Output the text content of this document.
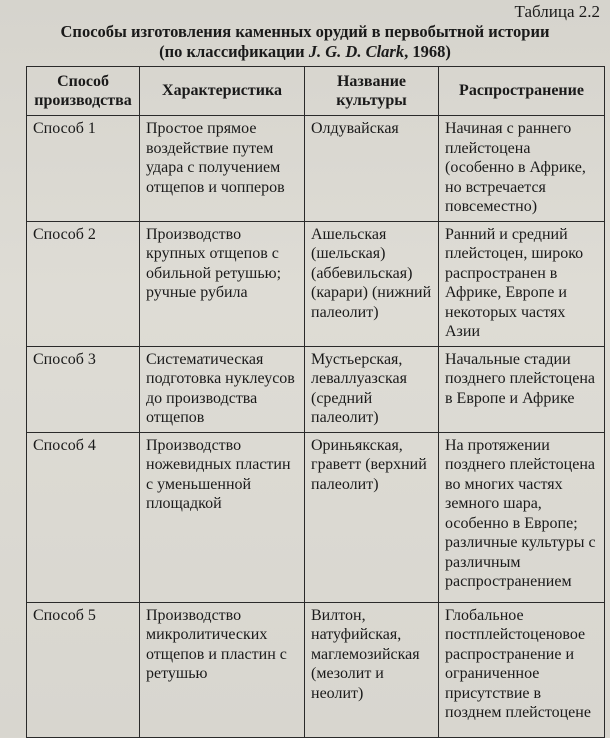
Таблица 2.2
Способы изготовления каменных орудий в первобытной истории
(по классификации J. G. D. Clark, 1968)
Способ производства	Характеристика	Название культуры	Распространение
Способ 1	Простое прямое воздействие путем удара с получением отщепов и чопперов	Олдувайская	Начиная с раннего плейстоцена (особенно в Африке, но встречается повсеместно)
Способ 2	Производство крупных отщепов с обильной ретушью; ручные рубила	Ашельская (шельская) (аббевильская) (карари) (нижний палеолит)	Ранний и средний плейстоцен, широко распространен в Африке, Европе и некоторых частях Азии
Способ 3	Систематическая подготовка нуклеусов до производства отщепов	Мустьерская, леваллуазская (средний палеолит)	Начальные стадии позднего плейстоцена в Европе и Африке
Способ 4	Производство ножевидных пластин с уменьшенной площадкой	Ориньякская, граветт (верхний палеолит)	На протяжении позднего плейстоцена во многих частях земного шара, особенно в Европе; различные культуры с различным распространением
Способ 5	Производство микролитических отщепов и пластин с ретушью	Вилтон, натуфийская, маглемозийская (мезолит и неолит)	Глобальное постплейстоценовое распространение и ограниченное присутствие в позднем плейстоцене
